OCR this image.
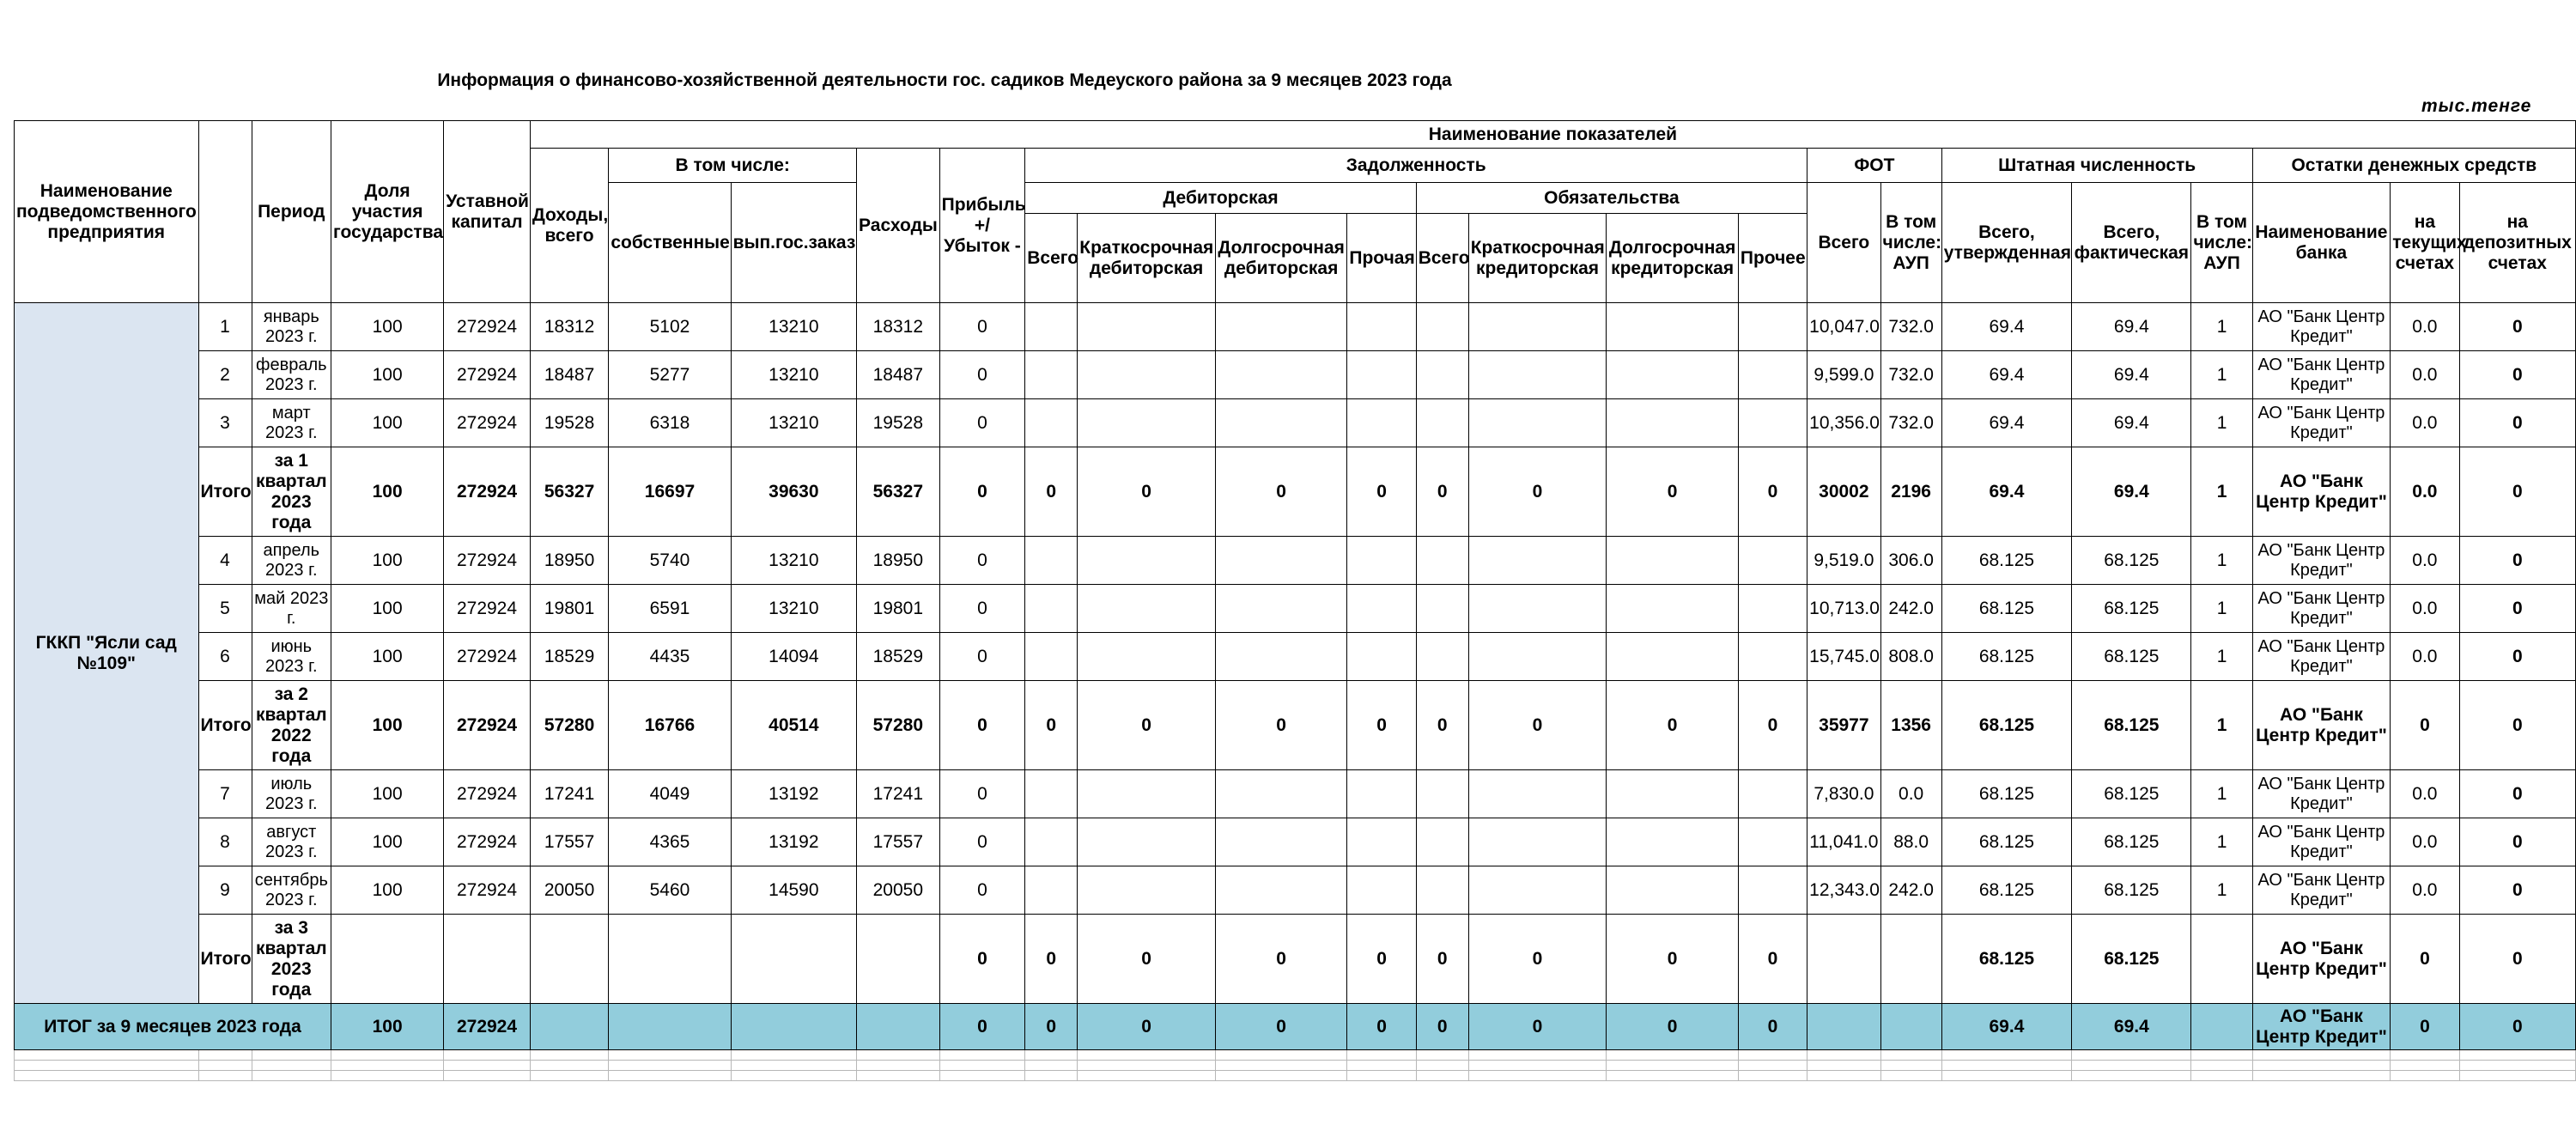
Информация о финансово-хозяйственной деятельности гос. садиков Медеуского района за 9 месяцев 2023 года
тыс.тенге
Наименование подведомственного предприятия		Период	Доля участия государства	Уставной капитал	Наименование показателей																				
					Доходы, всего	В том числе:		Расходы	Прибыль +/ Убыток -	Задолженность								ФОТ		Штатная численность			Остатки денежных средств		
						собственные	вып.гос.заказ			Дебиторская				Обязательства				Всего	В том числе: АУП	Всего, утвержденная	Всего, фактическая	В том числе: АУП	Наименование банка	на текущих счетах	на депозитных счетах
										Всего	Краткосрочная дебиторская	Долгосрочная дебиторская	Прочая	Всего	Краткосрочная кредиторская	Долгосрочная кредиторская	Прочее								
ГККП "Ясли сад №109"	1	январь 2023 г.	100	272924	18312	5102	13210	18312	0									10,047.0	732.0	69.4	69.4	1	АО "Банк Центр Кредит"	0.0	0
	2	февраль 2023 г.	100	272924	18487	5277	13210	18487	0									9,599.0	732.0	69.4	69.4	1	АО "Банк Центр Кредит"	0.0	0
	3	март 2023 г.	100	272924	19528	6318	13210	19528	0									10,356.0	732.0	69.4	69.4	1	АО "Банк Центр Кредит"	0.0	0
	Итого	за 1 квартал 2023 года	100	272924	56327	16697	39630	56327	0	0	0	0	0	0	0	0	0	30002	2196	69.4	69.4	1	АО "Банк Центр Кредит"	0.0	0
	4	апрель 2023 г.	100	272924	18950	5740	13210	18950	0									9,519.0	306.0	68.125	68.125	1	АО "Банк Центр Кредит"	0.0	0
	5	май 2023 г.	100	272924	19801	6591	13210	19801	0									10,713.0	242.0	68.125	68.125	1	АО "Банк Центр Кредит"	0.0	0
	6	июнь 2023 г.	100	272924	18529	4435	14094	18529	0									15,745.0	808.0	68.125	68.125	1	АО "Банк Центр Кредит"	0.0	0
	Итого	за 2 квартал 2022 года	100	272924	57280	16766	40514	57280	0	0	0	0	0	0	0	0	0	35977	1356	68.125	68.125	1	АО "Банк Центр Кредит"	0	0
	7	июль 2023 г.	100	272924	17241	4049	13192	17241	0									7,830.0	0.0	68.125	68.125	1	АО "Банк Центр Кредит"	0.0	0
	8	август 2023 г.	100	272924	17557	4365	13192	17557	0									11,041.0	88.0	68.125	68.125	1	АО "Банк Центр Кредит"	0.0	0
	9	сентябрь 2023 г.	100	272924	20050	5460	14590	20050	0									12,343.0	242.0	68.125	68.125	1	АО "Банк Центр Кредит"	0.0	0
	Итого	за 3 квартал 2023 года							0	0	0	0	0	0	0	0	0			68.125	68.125		АО "Банк Центр Кредит"	0	0
ИТОГ за 9 месяцев 2023 года			100	272924					0	0	0	0	0	0	0	0	0			69.4	69.4		АО "Банк Центр Кредит"	0	0
